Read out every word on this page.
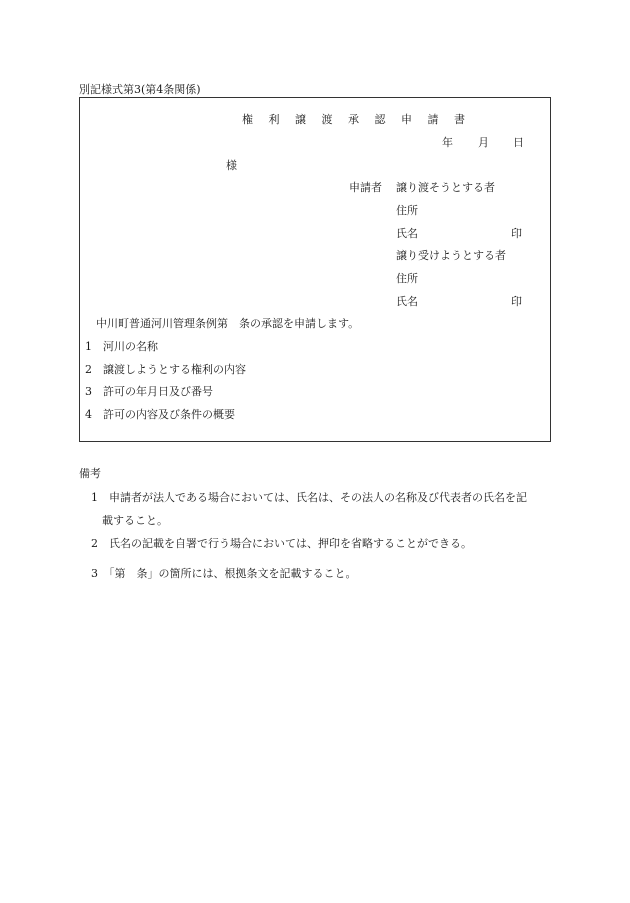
別記様式第3(第4条関係)
権 利 譲 渡 承 認 申 請 書
年 月 日
様
申請者 譲り渡そうとする者
住所
氏名	印
譲り受けようとする者
住所
氏名	印
中川町普通河川管理条例第　条の承認を申請します。
1　河川の名称
2　譲渡しようとする権利の内容
3　許可の年月日及び番号
4　許可の内容及び条件の概要
備考
1　申請者が法人である場合においては、氏名は、その法人の名称及び代表者の氏名を記
載すること。
2　氏名の記載を自署で行う場合においては、押印を省略することができる。
3　「第　条」の箇所には、根拠条文を記載すること。
